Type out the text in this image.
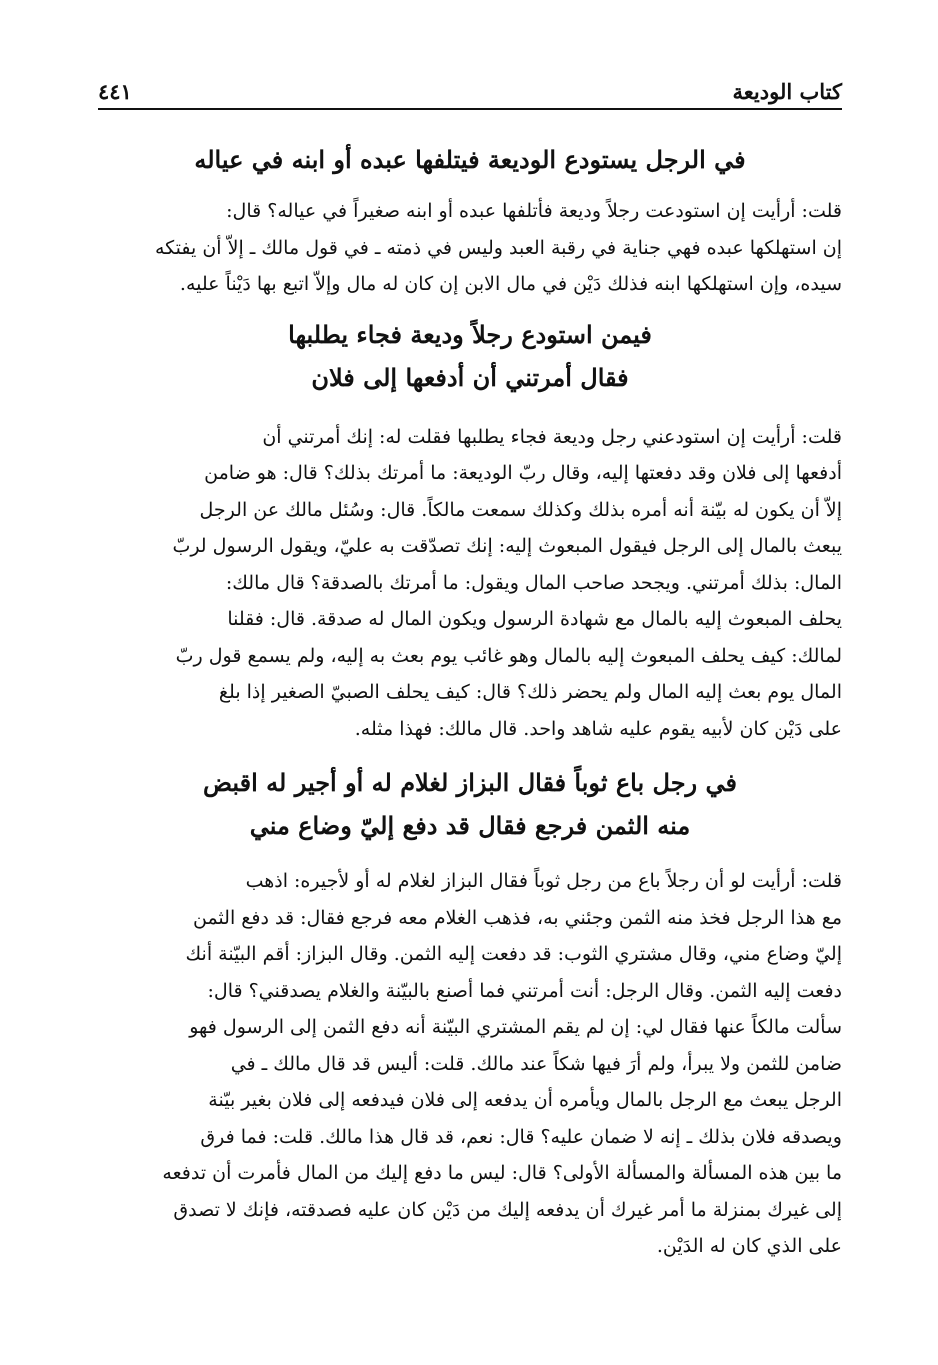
كتاب الوديعة
٤٤١
في الرجل يستودع الوديعة فيتلفها عبده أو ابنه في عياله
قلت: أرأيت إن استودعت رجلاً وديعة فأتلفها عبده أو ابنه صغيراً في عياله؟ قال:
إن استهلكها عبده فهي جناية في رقبة العبد وليس في ذمته ـ في قول مالك ـ إلاّ أن يفتكه
سيده، وإن استهلكها ابنه فذلك دَيْن في مال الابن إن كان له مال وإلاّ اتبع بها دَيْناً عليه.
فيمن استودع رجلاً وديعة فجاء يطلبها
فقال أمرتني أن أدفعها إلى فلان
قلت: أرأيت إن استودعني رجل وديعة فجاء يطلبها فقلت له: إنك أمرتني أن
أدفعها إلى فلان وقد دفعتها إليه، وقال ربّ الوديعة: ما أمرتك بذلك؟ قال: هو ضامن
إلاّ أن يكون له بيّنة أنه أمره بذلك وكذلك سمعت مالكاً. قال: وسُئل مالك عن الرجل
يبعث بالمال إلى الرجل فيقول المبعوث إليه: إنك تصدّقت به عليّ، ويقول الرسول لربّ
المال: بذلك أمرتني. ويجحد صاحب المال ويقول: ما أمرتك بالصدقة؟ قال مالك:
يحلف المبعوث إليه بالمال مع شهادة الرسول ويكون المال له صدقة. قال: فقلنا
لمالك: كيف يحلف المبعوث إليه بالمال وهو غائب يوم بعث به إليه، ولم يسمع قول ربّ
المال يوم بعث إليه المال ولم يحضر ذلك؟ قال: كيف يحلف الصبيّ الصغير إذا بلغ
على دَيْن كان لأبيه يقوم عليه شاهد واحد. قال مالك: فهذا مثله.
في رجل باع ثوباً فقال البزاز لغلام له أو أجير له اقبض
منه الثمن فرجع فقال قد دفع إليّ وضاع مني
قلت: أرأيت لو أن رجلاً باع من رجل ثوباً فقال البزاز لغلام له أو لأجيره: اذهب
مع هذا الرجل فخذ منه الثمن وجئني به، فذهب الغلام معه فرجع فقال: قد دفع الثمن
إليّ وضاع مني، وقال مشتري الثوب: قد دفعت إليه الثمن. وقال البزاز: أقم البيّنة أنك
دفعت إليه الثمن. وقال الرجل: أنت أمرتني فما أصنع بالبيّنة والغلام يصدقني؟ قال:
سألت مالكاً عنها فقال لي: إن لم يقم المشتري البيّنة أنه دفع الثمن إلى الرسول فهو
ضامن للثمن ولا يبرأ، ولم أرَ فيها شكاً عند مالك. قلت: أليس قد قال مالك ـ في
الرجل يبعث مع الرجل بالمال ويأمره أن يدفعه إلى فلان فيدفعه إلى فلان بغير بيّنة
ويصدقه فلان بذلك ـ إنه لا ضمان عليه؟ قال: نعم، قد قال هذا مالك. قلت: فما فرق
ما بين هذه المسألة والمسألة الأولى؟ قال: ليس ما دفع إليك من المال فأمرت أن تدفعه
إلى غيرك بمنزلة ما أمر غيرك أن يدفعه إليك من دَيْن كان عليه فصدقته، فإنك لا تصدق
على الذي كان له الدَيْن.
